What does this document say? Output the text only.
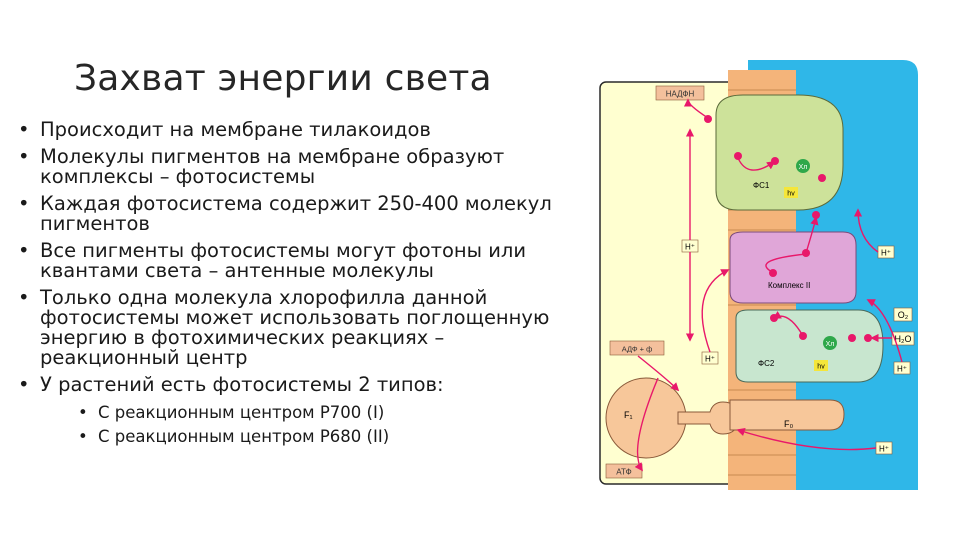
Захват энергии света
• Происходит на мембране тилакоидов
• Молекулы пигментов на мембране образуют комплексы – фотосистемы
• Каждая фотосистема содержит 250-400 молекул пигментов
• Все пигменты фотосистемы могут фотоны или квантами света – антенные молекулы
• Только одна молекула хлорофилла данной фотосистемы может использовать поглощенную энергию в фотохимических реакциях – реакционный центр
• У растений есть фотосистемы 2 типов:
• С реакционным центром Р700 (I)
• С реакционным центром Р680 (II)
НАДФН
АДФ + ф
АТФ
H⁺
H⁺
H⁺
H⁺
H⁺
O₂
H₂O
ФС1
Комплекс II
ФС2
F₁
F₀
Хл
hv
Хл
hv
